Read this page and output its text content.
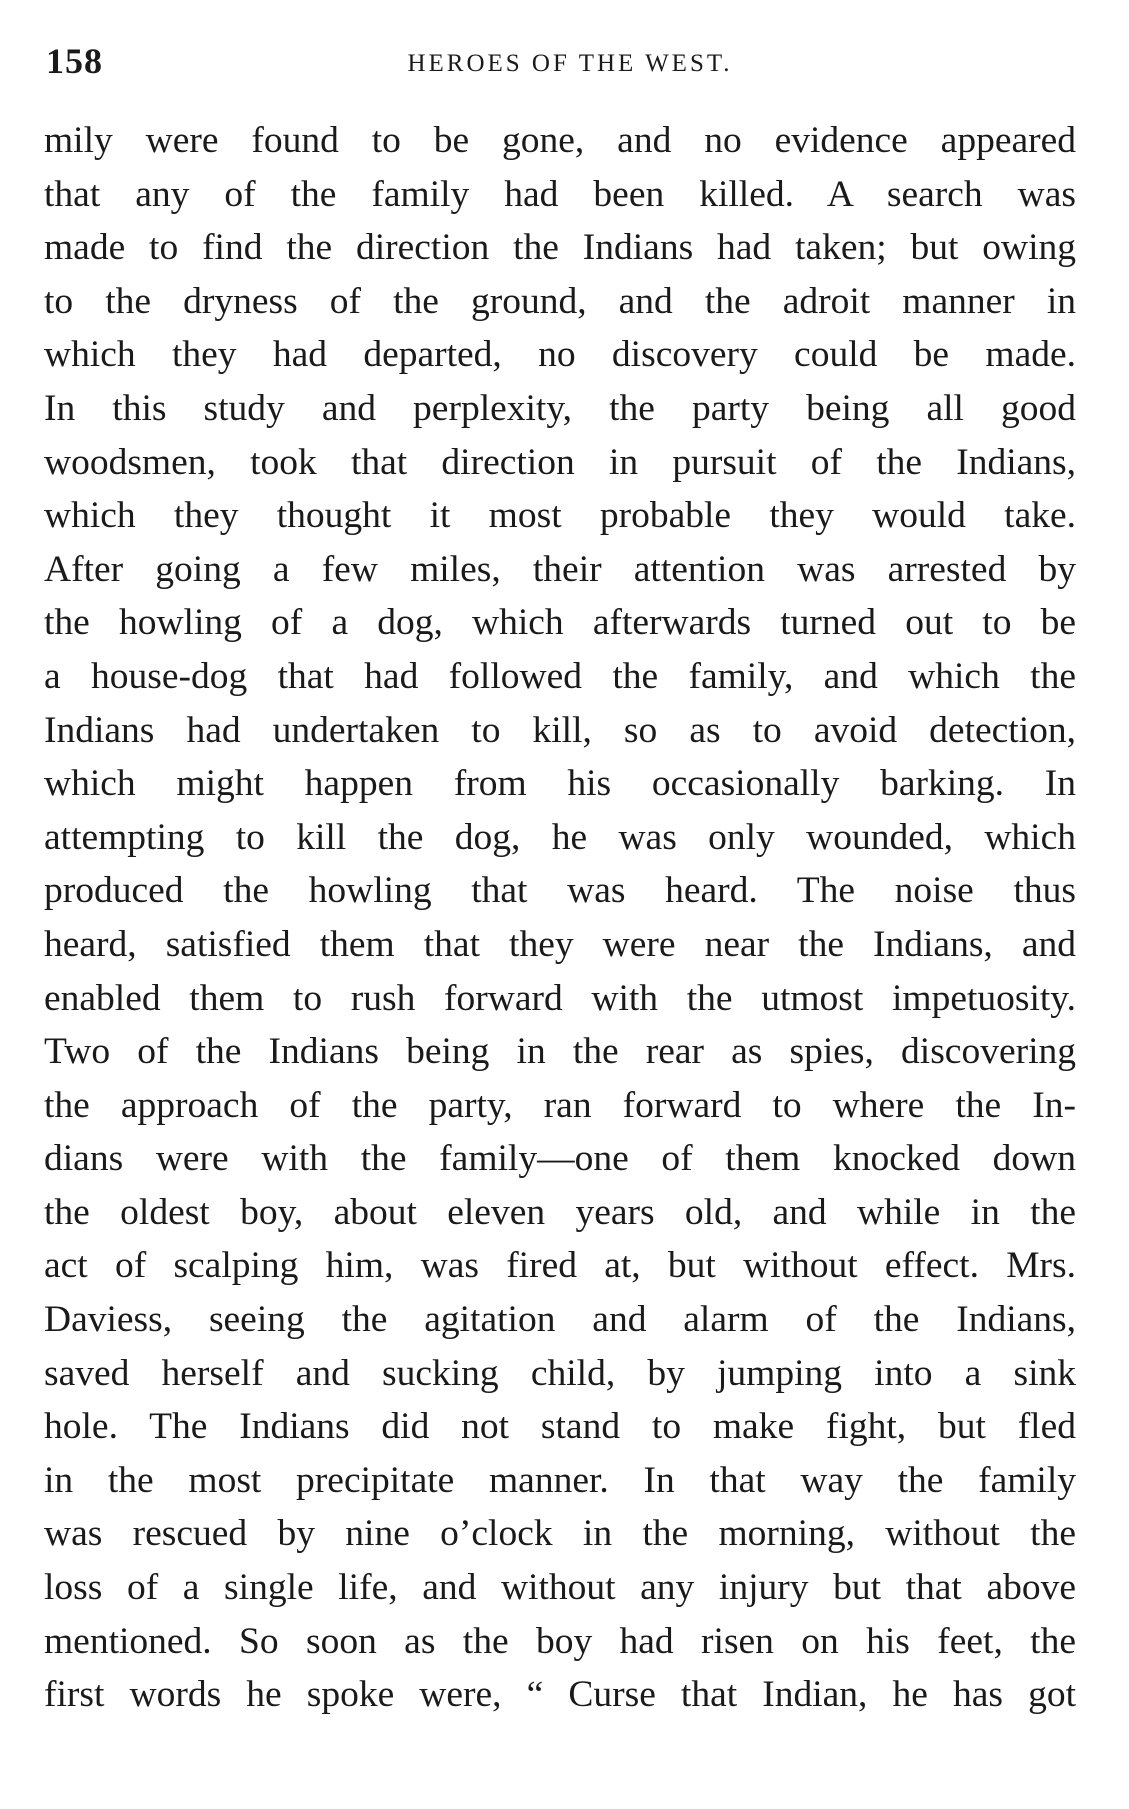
158	HEROES OF THE WEST.
mily were found to be gone, and no evidence appeared
that any of the family had been killed. A search was
made to find the direction the Indians had taken; but owing
to the dryness of the ground, and the adroit manner in
which they had departed, no discovery could be made.
In this study and perplexity, the party being all good
woodsmen, took that direction in pursuit of the Indians,
which they thought it most probable they would take.
After going a few miles, their attention was arrested by
the howling of a dog, which afterwards turned out to be
a house-dog that had followed the family, and which the
Indians had undertaken to kill, so as to avoid detection,
which might happen from his occasionally barking. In
attempting to kill the dog, he was only wounded, which
produced the howling that was heard. The noise thus
heard, satisfied them that they were near the Indians, and
enabled them to rush forward with the utmost impetuosity.
Two of the Indians being in the rear as spies, discovering
the approach of the party, ran forward to where the In-
dians were with the family—one of them knocked down
the oldest boy, about eleven years old, and while in the
act of scalping him, was fired at, but without effect. Mrs.
Daviess, seeing the agitation and alarm of the Indians,
saved herself and sucking child, by jumping into a sink
hole. The Indians did not stand to make fight, but fled
in the most precipitate manner. In that way the family
was rescued by nine o’clock in the morning, without the
loss of a single life, and without any injury but that above
mentioned. So soon as the boy had risen on his feet, the
first words he spoke were, “ Curse that Indian, he has got
